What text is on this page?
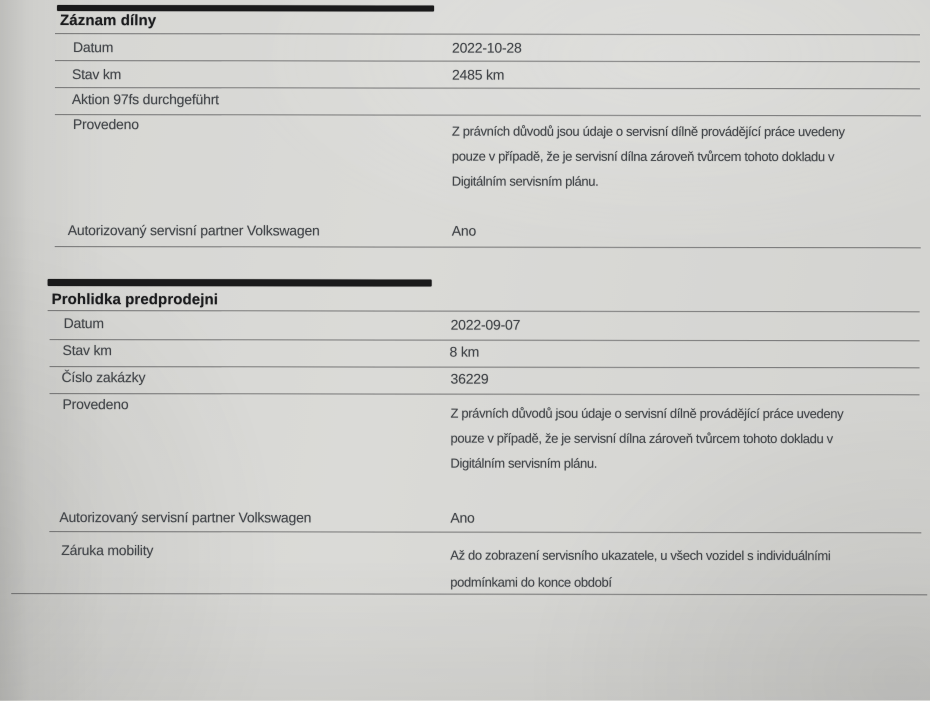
Záznam dílny
Datum	2022-10-28
Stav km	2485 km
Aktion 97fs durchgeführt
Provedeno	Z právních důvodů jsou údaje o servisní dílně provádějící práce uvedeny
pouze v případě, že je servisní dílna zároveň tvůrcem tohoto dokladu v
Digitálním servisním plánu.
Autorizovaný servisní partner Volkswagen	Ano
Prohlidka predprodejni
Datum	2022-09-07
Stav km	8 km
Číslo zakázky	36229
Provedeno
Z právních důvodů jsou údaje o servisní dílně provádějící práce uvedeny
pouze v případě, že je servisní dílna zároveň tvůrcem tohoto dokladu v
Digitálním servisním plánu.
Autorizovaný servisní partner Volkswagen	Ano
Záruka mobility	Až do zobrazení servisního ukazatele, u všech vozidel s individuálními
podmínkami do konce období
